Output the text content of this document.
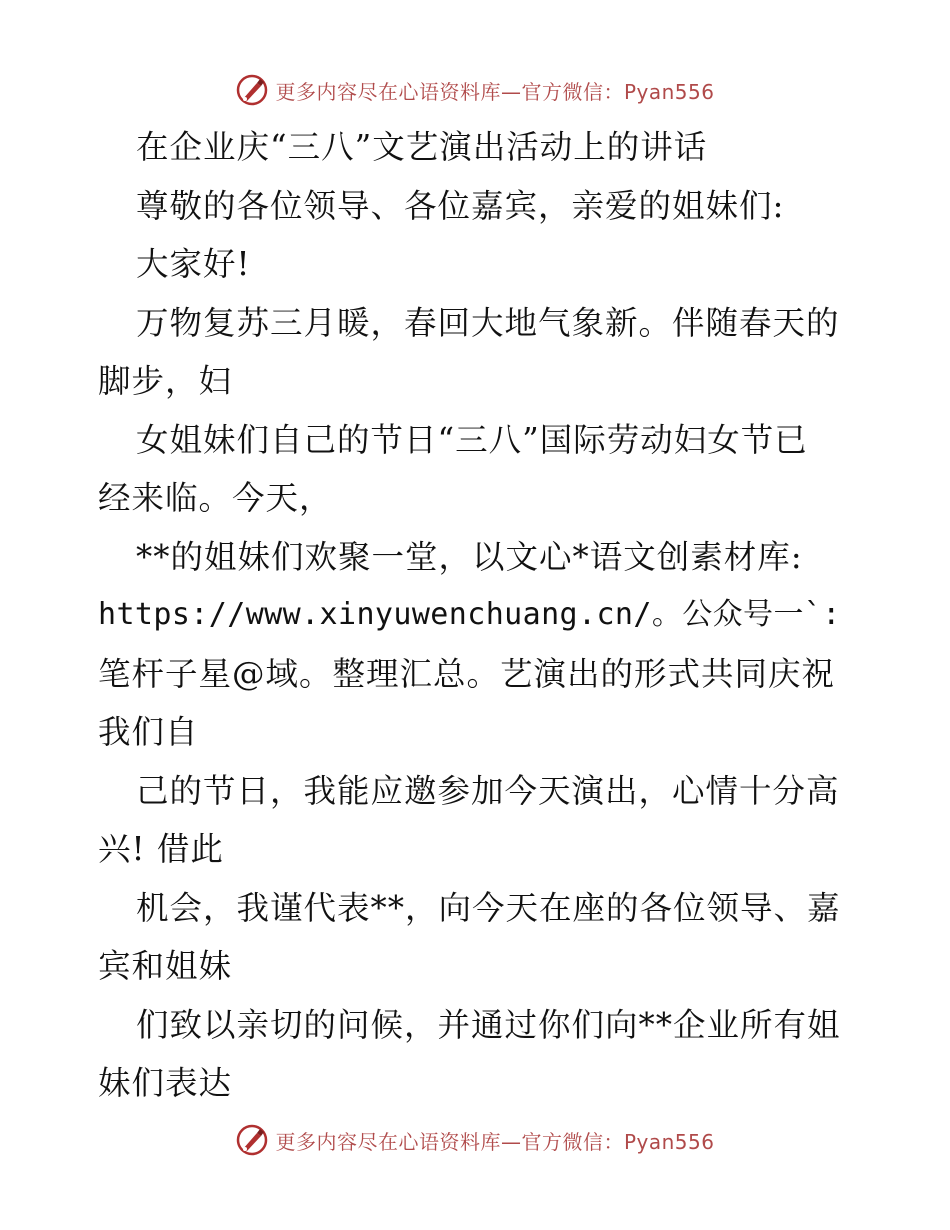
更多内容尽在心语资料库—官方微信：Pyan556
在企业庆“三八”文艺演出活动上的讲话
尊敬的各位领导、各位嘉宾，亲爱的姐妹们:
大家好!
万物复苏三月暖，春回大地气象新。伴随春天的
脚步，妇
女姐妹们自己的节日“三八”国际劳动妇女节已
经来临。今天，
**的姐妹们欢聚一堂，以文心*语文创素材库:
https://www.xinyuwenchuang.cn/。公众号一`:
笔杆子星@域。整理汇总。艺演出的形式共同庆祝
我们自
己的节日，我能应邀参加今天演出，心情十分高
兴! 借此
机会，我谨代表**，向今天在座的各位领导、嘉
宾和姐妹
们致以亲切的问候，并通过你们向**企业所有姐
妹们表达
更多内容尽在心语资料库—官方微信：Pyan556
